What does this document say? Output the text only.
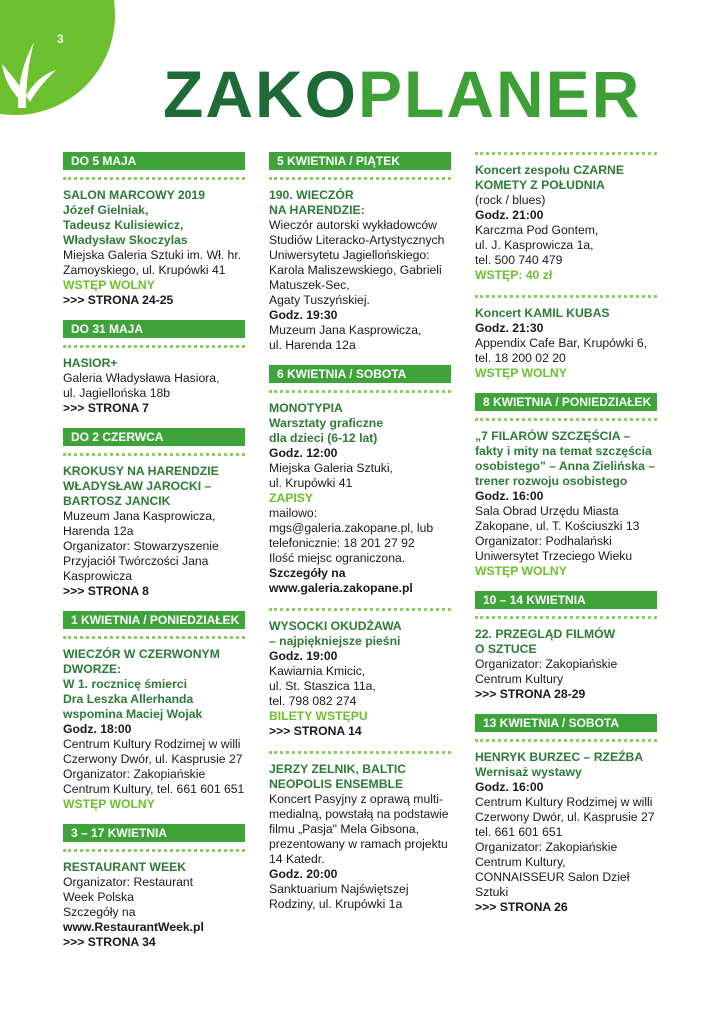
3
ZAKOPLANER
DO 5 MAJA
SALON MARCOWY 2019
Józef Gielniak,
Tadeusz Kulisiewicz,
Władysław Skoczylas
Miejska Galeria Sztuki im. Wł. hr.
Zamoyskiego, ul. Krupówki 41
WSTĘP WOLNY
>>> STRONA 24-25
DO 31 MAJA
HASIOR+
Galeria Władysława Hasiora,
ul. Jagiellońska 18b
>>> STRONA 7
DO 2 CZERWCA
KROKUSY NA HARENDZIE
WŁADYSŁAW JAROCKI –
BARTOSZ JANCIK
Muzeum Jana Kasprowicza,
Harenda 12a
Organizator: Stowarzyszenie
Przyjaciół Twórczości Jana
Kasprowicza
>>> STRONA 8
1 KWIETNIA / PONIEDZIAŁEK
WIECZÓR W CZERWONYM
DWORZE:
W 1. rocznicę śmierci
Dra Leszka Allerhanda
wspomina Maciej Wojak
Godz. 18:00
Centrum Kultury Rodzimej w willi
Czerwony Dwór, ul. Kasprusie 27
Organizator: Zakopiańskie
Centrum Kultury, tel. 661 601 651
WSTĘP WOLNY
3 – 17 KWIETNIA
RESTAURANT WEEK
Organizator: Restaurant
Week Polska
Szczegóły na
www.RestaurantWeek.pl
>>> STRONA 34
5 KWIETNIA / PIĄTEK
190. WIECZÓR
NA HARENDZIE:
Wieczór autorski wykładowców
Studiów Literacko-Artystycznych
Uniwersytetu Jagiellońskiego:
Karola Maliszewskiego, Gabrieli
Matuszek-Sec,
Agaty Tuszyńskiej.
Godz. 19:30
Muzeum Jana Kasprowicza,
ul. Harenda 12a
6 KWIETNIA / SOBOTA
MONOTYPIA
Warsztaty graficzne
dla dzieci (6-12 lat)
Godz. 12:00
Miejska Galeria Sztuki,
ul. Krupówki 41
ZAPISY
mailowo:
mgs@galeria.zakopane.pl, lub
telefonicznie: 18 201 27 92
Ilość miejsc ograniczona.
Szczegóły na
www.galeria.zakopane.pl
WYSOCKI OKUDŻAWA
– najpiękniejsze pieśni
Godz. 19:00
Kawiarnia Kmicic,
ul. St. Staszica 11a,
tel. 798 082 274
BILETY WSTĘPU
>>> STRONA 14
JERZY ZELNIK, BALTIC
NEOPOLIS ENSEMBLE
Koncert Pasyjny z oprawą multi-
medialną, powstałą na podstawie
filmu „Pasja" Mela Gibsona,
prezentowany w ramach projektu
14 Katedr.
Godz. 20:00
Sanktuarium Najświętszej
Rodziny, ul. Krupówki 1a
Koncert zespołu CZARNE
KOMETY Z POŁUDNIA
(rock / blues)
Godz. 21:00
Karczma Pod Gontem,
ul. J. Kasprowicza 1a,
tel. 500 740 479
WSTĘP: 40 zł
Koncert KAMIL KUBAS
Godz. 21:30
Appendix Cafe Bar, Krupówki 6,
tel. 18 200 02 20
WSTĘP WOLNY
8 KWIETNIA / PONIEDZIAŁEK
„7 FILARÓW SZCZĘŚCIA –
fakty i mity na temat szczęścia
osobistego" – Anna Zielińska –
trener rozwoju osobistego
Godz. 16:00
Sala Obrad Urzędu Miasta
Zakopane, ul. T. Kościuszki 13
Organizator: Podhalański
Uniwersytet Trzeciego Wieku
WSTĘP WOLNY
10 – 14 KWIETNIA
22. PRZEGLĄD FILMÓW
O SZTUCE
Organizator: Zakopiańskie
Centrum Kultury
>>> STRONA 28-29
13 KWIETNIA / SOBOTA
HENRYK BURZEC – RZEŹBA
Wernisaż wystawy
Godz. 16:00
Centrum Kultury Rodzimej w willi
Czerwony Dwór, ul. Kasprusie 27
tel. 661 601 651
Organizator: Zakopiańskie
Centrum Kultury,
CONNAISSEUR Salon Dzieł
Sztuki
>>> STRONA 26
